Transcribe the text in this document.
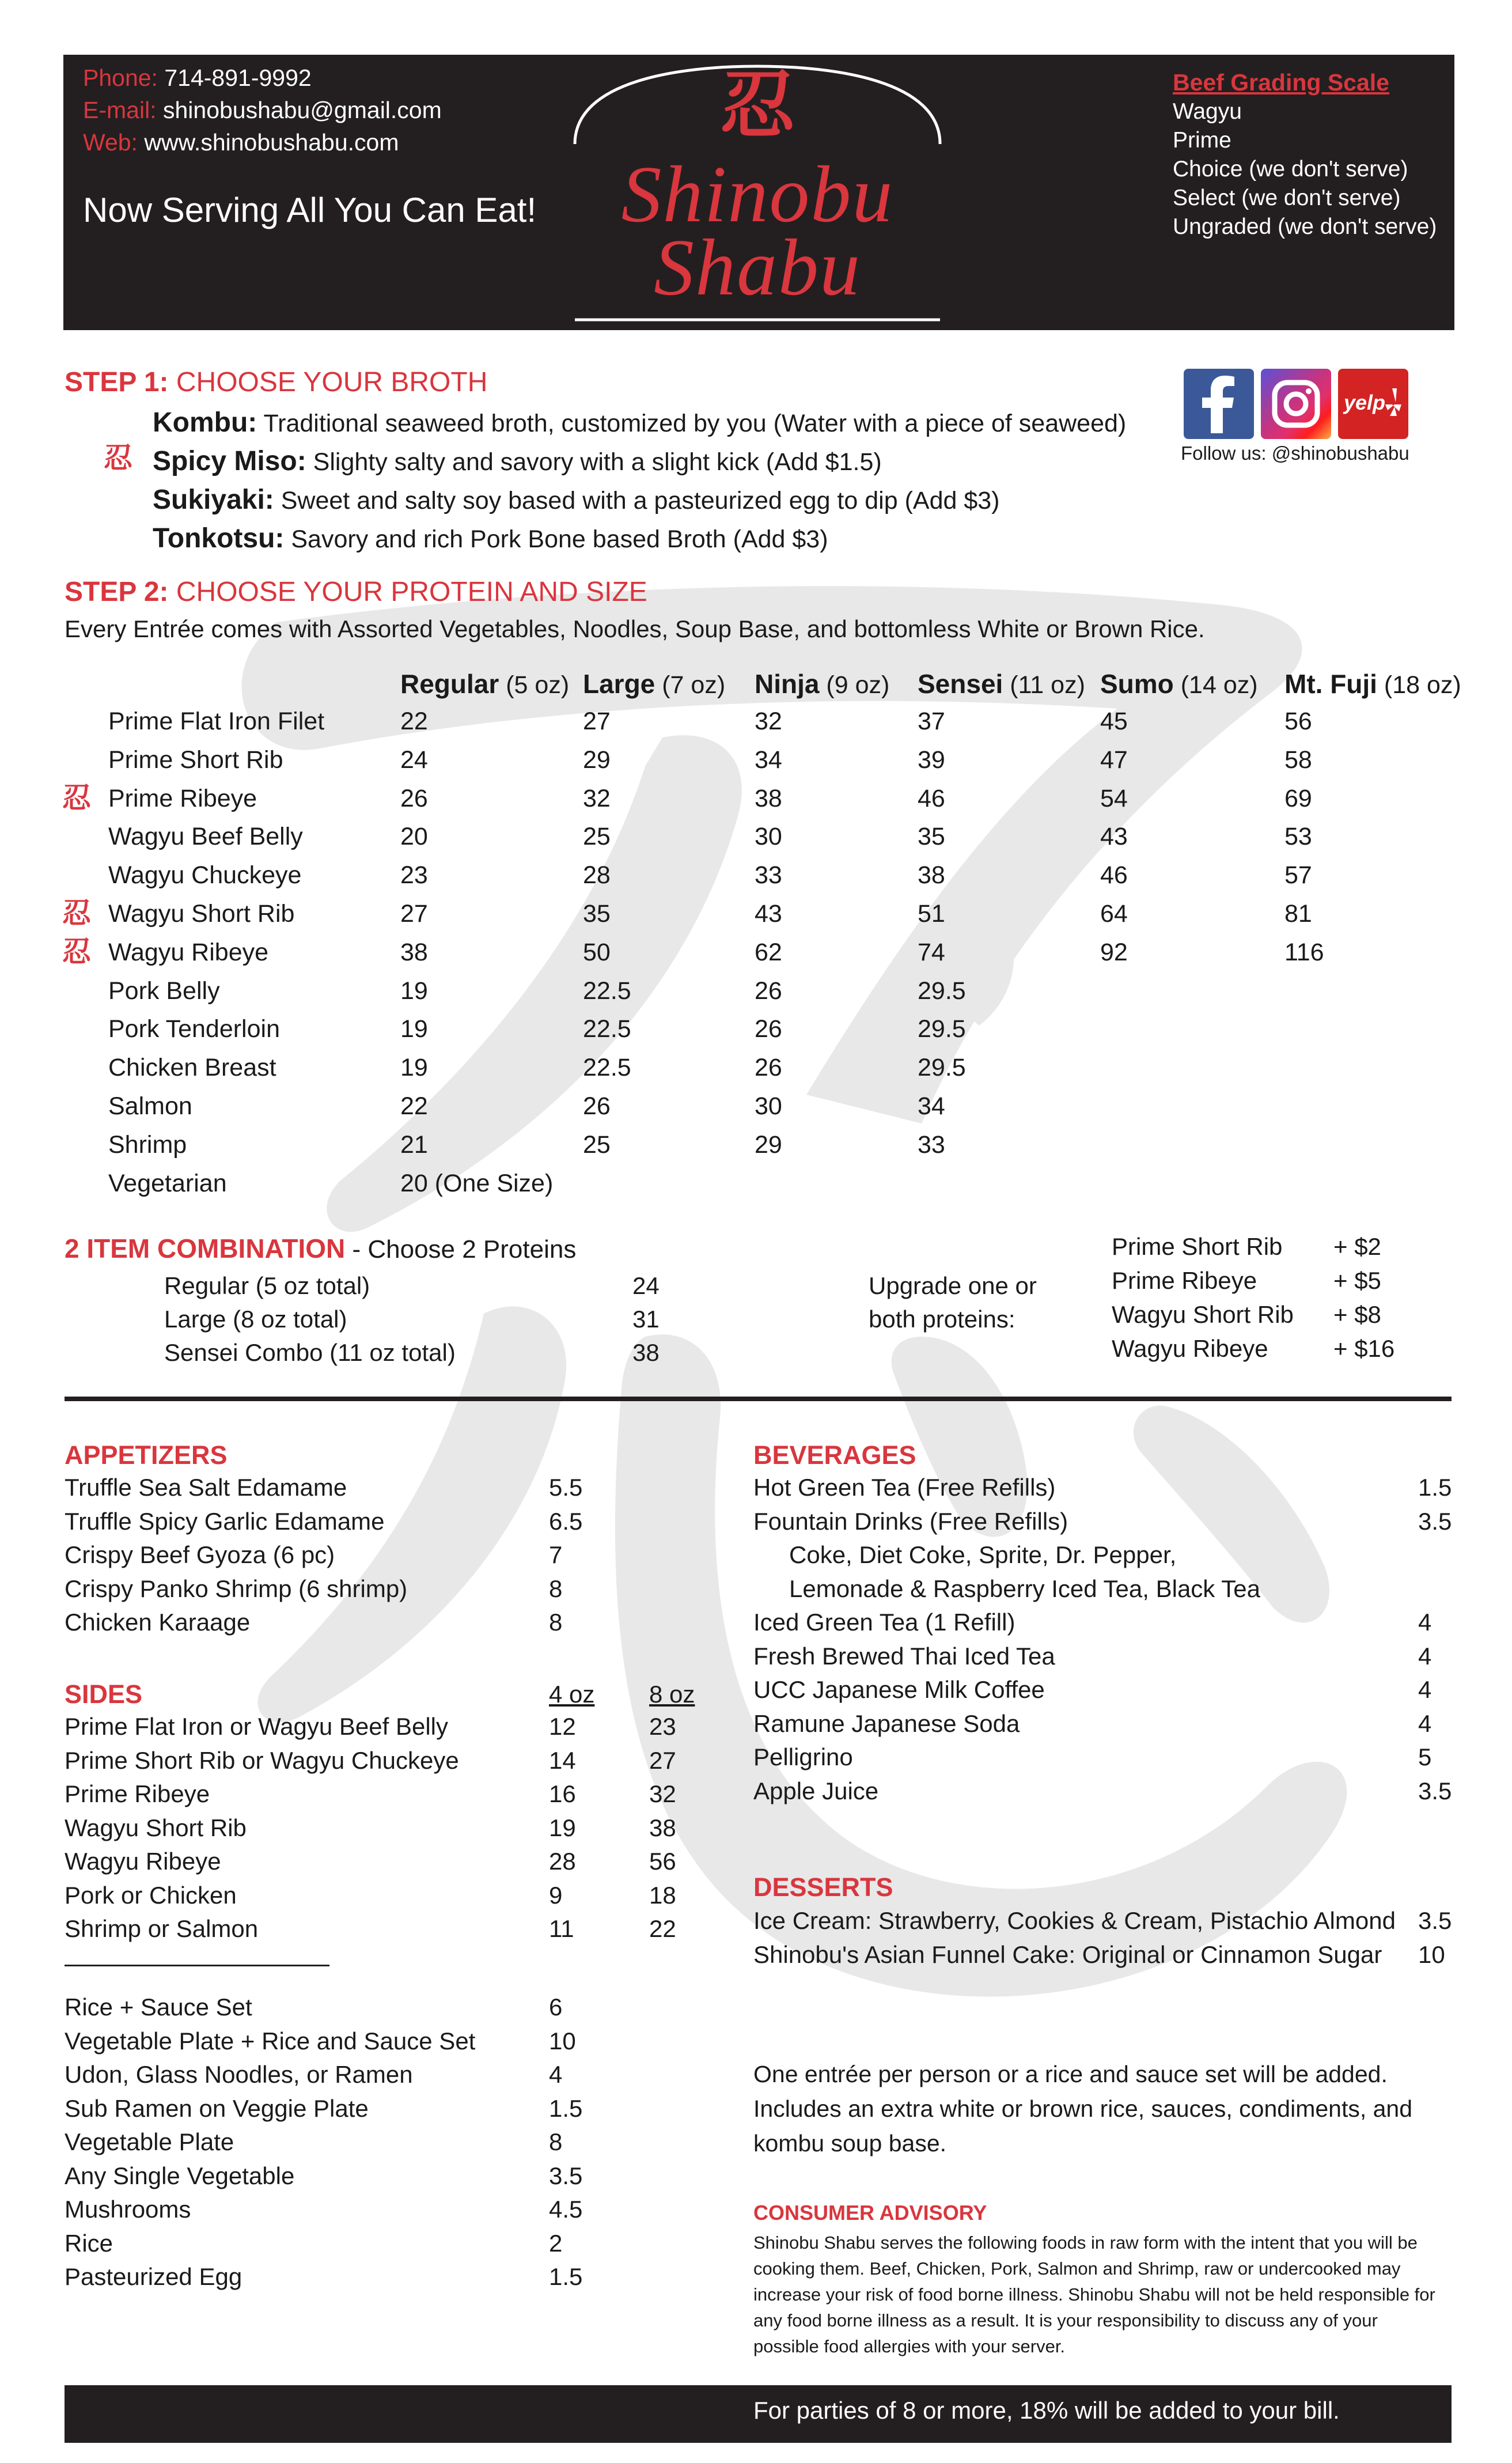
Phone: 714-891-9992
E-mail: shinobushabu@gmail.com
Web: www.shinobushabu.com
Now Serving All You Can Eat!
忍
Shinobu
Shabu
Beef Grading Scale
Wagyu
Prime
Choice (we don't serve)
Select (we don't serve)
Ungraded (we don't serve)
yelp
Follow us: @shinobushabu
STEP 1: CHOOSE YOUR BROTH
Kombu: Traditional seaweed broth, customized by you (Water with a piece of seaweed)
忍 Spicy Miso: Slighty salty and savory with a slight kick (Add $1.5)
Sukiyaki: Sweet and salty soy based with a pasteurized egg to dip (Add $3)
Tonkotsu: Savory and rich Pork Bone based Broth (Add $3)
STEP 2: CHOOSE YOUR PROTEIN AND SIZE
Every Entrée comes with Assorted Vegetables, Noodles, Soup Base, and bottomless White or Brown Rice.
Regular (5 oz) Large (7 oz) Ninja (9 oz) Sensei (11 oz) Sumo (14 oz) Mt. Fuji (18 oz)
Prime Flat Iron Filet	22	27	32	37	45	56
Prime Short Rib	24	29	34	39	47	58
忍 Prime Ribeye	26	32	38	46	54	69
Wagyu Beef Belly	20	25	30	35	43	53
Wagyu Chuckeye	23	28	33	38	46	57
忍 Wagyu Short Rib	27	35	43	51	64	81
忍 Wagyu Ribeye	38	50	62	74	92	116
Pork Belly	19	22.5	26	29.5
Pork Tenderloin	19	22.5	26	29.5
Chicken Breast	19	22.5	26	29.5
Salmon	22	26	30	34
Shrimp	21	25	29	33
Vegetarian	20 (One Size)
2 ITEM COMBINATION - Choose 2 Proteins
Regular (5 oz total)	24
Large (8 oz total)	31
Sensei Combo (11 oz total)	38
Upgrade one or
both proteins:
Prime Short Rib + $2
Prime Ribeye	+ $5
Wagyu Short Rib + $8
Wagyu Ribeye	+ $16
APPETIZERS
Truffle Sea Salt Edamame	5.5
Truffle Spicy Garlic Edamame	6.5
Crispy Beef Gyoza (6 pc)	7
Crispy Panko Shrimp (6 shrimp)	8
Chicken Karaage	8
SIDES	4 oz 8 oz
Prime Flat Iron or Wagyu Beef Belly	12	23
Prime Short Rib or Wagyu Chuckeye	14	27
Prime Ribeye	16	32
Wagyu Short Rib	19	38
Wagyu Ribeye	28	56
Pork or Chicken	9	18
Shrimp or Salmon	11	22
Rice + Sauce Set	6
Vegetable Plate + Rice and Sauce Set	10
Udon, Glass Noodles, or Ramen	4
Sub Ramen on Veggie Plate	1.5
Vegetable Plate	8
Any Single Vegetable	3.5
Mushrooms	4.5
Rice	2
Pasteurized Egg	1.5
BEVERAGES
Hot Green Tea (Free Refills)	1.5
Fountain Drinks (Free Refills)	3.5
Coke, Diet Coke, Sprite, Dr. Pepper,
Lemonade & Raspberry Iced Tea, Black Tea
Iced Green Tea (1 Refill)	4
Fresh Brewed Thai Iced Tea	4
UCC Japanese Milk Coffee	4
Ramune Japanese Soda	4
Pelligrino	5
Apple Juice	3.5
DESSERTS
Ice Cream: Strawberry, Cookies & Cream, Pistachio Almond 3.5
Shinobu's Asian Funnel Cake: Original or Cinnamon Sugar 10
One entrée per person or a rice and sauce set will be added. Includes an extra white or brown rice, sauces, condiments, and kombu soup base.
CONSUMER ADVISORY
Shinobu Shabu serves the following foods in raw form with the intent that you will be cooking them. Beef, Chicken, Pork, Salmon and Shrimp, raw or undercooked may increase your risk of food borne illness. Shinobu Shabu will not be held responsible for any food borne illness as a result. It is your responsibility to discuss any of your possible food allergies with your server.
For parties of 8 or more, 18% will be added to your bill.
